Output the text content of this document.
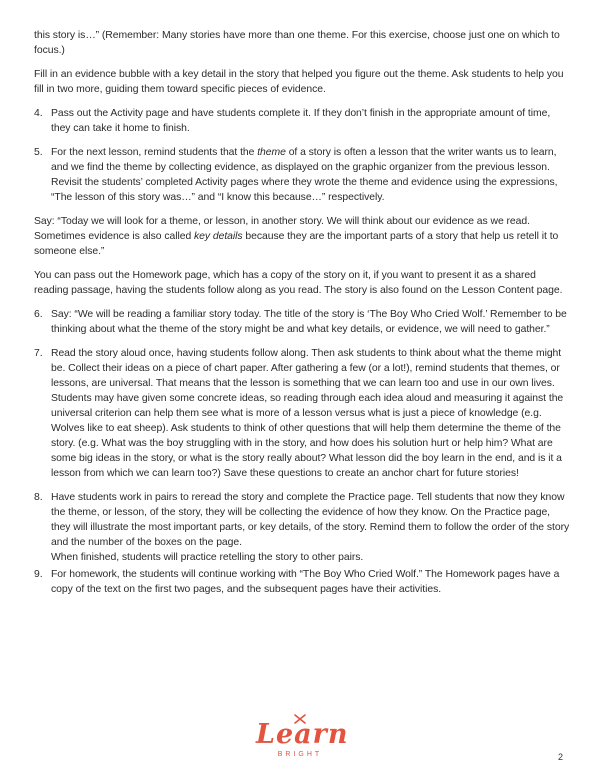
this story is…” (Remember: Many stories have more than one theme. For this exercise, choose just one on which to focus.)

Fill in an evidence bubble with a key detail in the story that helped you figure out the theme. Ask students to help you fill in two more, guiding them toward specific pieces of evidence.

4. Pass out the Activity page and have students complete it. If they don’t finish in the appropriate amount of time, they can take it home to finish.
5. For the next lesson, remind students that the theme of a story is often a lesson that the writer wants us to learn, and we find the theme by collecting evidence, as displayed on the graphic organizer from the previous lesson. Revisit the students’ completed Activity pages where they wrote the theme and evidence using the expressions, “The lesson of this story was…” and “I know this because…” respectively.

Say: “Today we will look for a theme, or lesson, in another story. We will think about our evidence as we read. Sometimes evidence is also called key details because they are the important parts of a story that help us retell it to someone else.”

You can pass out the Homework page, which has a copy of the story on it, if you want to present it as a shared reading passage, having the students follow along as you read. The story is also found on the Lesson Content page.

6. Say: “We will be reading a familiar story today. The title of the story is ‘The Boy Who Cried Wolf.’ Remember to be thinking about what the theme of the story might be and what key details, or evidence, we will need to gather.”
7. Read the story aloud once, having students follow along. Then ask students to think about what the theme might be. Collect their ideas on a piece of chart paper. After gathering a few (or a lot!), remind students that themes, or lessons, are universal. That means that the lesson is something that we can learn too and use in our own lives. Students may have given some concrete ideas, so reading through each idea aloud and measuring it against the universal criterion can help them see what is more of a lesson versus what is just a piece of knowledge (e.g. Wolves like to eat sheep). Ask students to think of other questions that will help them determine the theme of the story. (e.g. What was the boy struggling with in the story, and how does his solution hurt or help him? What are some big ideas in the story, or what is the story really about? What lesson did the boy learn in the end, and is it a lesson from which we can learn too?) Save these questions to create an anchor chart for future stories!
8. Have students work in pairs to reread the story and complete the Practice page. Tell students that now they know the theme, or lesson, of the story, they will be collecting the evidence of how they know. On the Practice page, they will illustrate the most important parts, or key details, of the story. Remind them to follow the order of the story and the number of the boxes on the page.
When finished, students will practice retelling the story to other pairs.
9. For homework, the students will continue working with “The Boy Who Cried Wolf.” The Homework pages have a copy of the text on the first two pages, and the subsequent pages have their activities.
Learn
BRIGHT	2
